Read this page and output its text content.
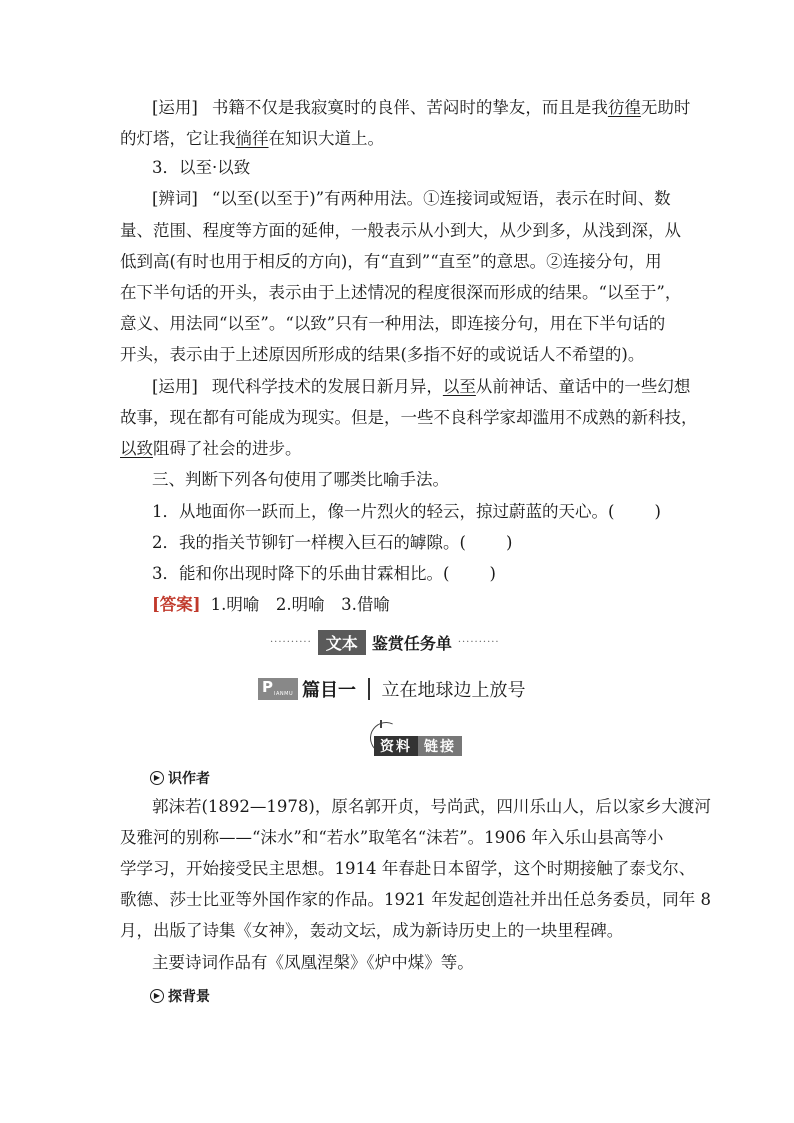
[运用] 书籍不仅是我寂寞时的良伴、苦闷时的挚友，而且是我彷徨无助时
的灯塔，它让我徜徉在知识大道上。
3．以至·以致
[辨词] “以至(以至于)”有两种用法。①连接词或短语，表示在时间、数
量、范围、程度等方面的延伸，一般表示从小到大，从少到多，从浅到深，从
低到高(有时也用于相反的方向)，有“直到”“直至”的意思。②连接分句，用
在下半句话的开头，表示由于上述情况的程度很深而形成的结果。“以至于”，
意义、用法同“以至”。“以致”只有一种用法，即连接分句，用在下半句话的
开头，表示由于上述原因所形成的结果(多指不好的或说话人不希望的)。
[运用] 现代科学技术的发展日新月异，以至从前神话、童话中的一些幻想
故事，现在都有可能成为现实。但是，一些不良科学家却滥用不成熟的新科技，
以致阻碍了社会的进步。
三、判断下列各句使用了哪类比喻手法。
1．从地面你一跃而上，像一片烈火的轻云，掠过蔚蓝的天心。( )
2．我的指关节铆钉一样楔入巨石的罅隙。( )
3．能和你出现时降下的乐曲甘霖相比。( )
[答案] 1.明喻　2.明喻　3.借喻
·········· 文本 鉴赏任务单 ··········
P IANMU 篇目一 立在地球边上放号
资料 链接
▶ 识作者
郭沫若(1892—1978)，原名郭开贞，号尚武，四川乐山人，后以家乡大渡河
及雅河的别称——“沫水”和“若水”取笔名“沫若”。1906 年入乐山县高等小
学学习，开始接受民主思想。1914 年春赴日本留学，这个时期接触了泰戈尔、
歌德、莎士比亚等外国作家的作品。1921 年发起创造社并出任总务委员，同年 8
月，出版了诗集《女神》，轰动文坛，成为新诗历史上的一块里程碑。
主要诗词作品有《凤凰涅槃》《炉中煤》等。
▶ 探背景
